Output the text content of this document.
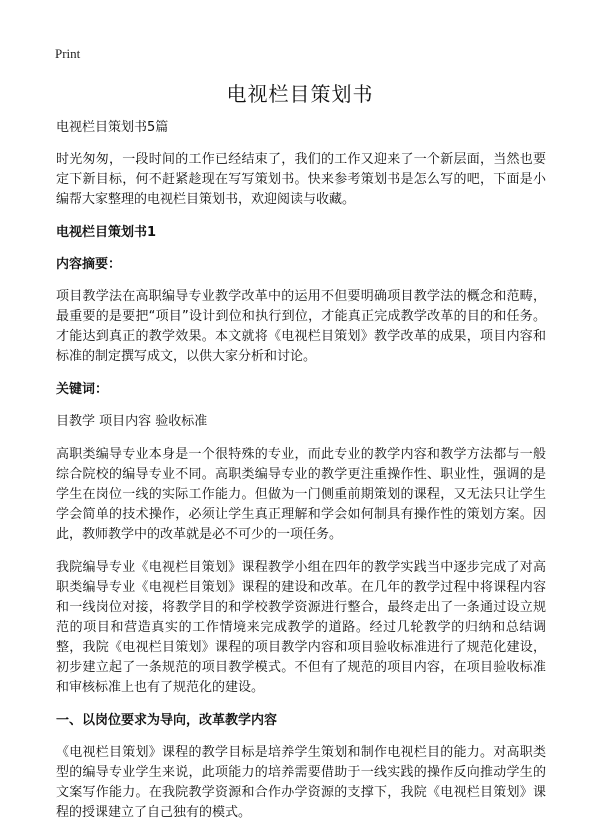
Print
电视栏目策划书

电视栏目策划书5篇

时光匆匆，一段时间的工作已经结束了，我们的工作又迎来了一个新层面，当然也要定下新目标，何不赶紧趁现在写写策划书。快来参考策划书是怎么写的吧，下面是小编帮大家整理的电视栏目策划书，欢迎阅读与收藏。

电视栏目策划书1
内容摘要：

项目教学法在高职编导专业教学改革中的运用不但要明确项目教学法的概念和范畴，最重要的是要把“项目”设计到位和执行到位，才能真正完成教学改革的目的和任务。才能达到真正的教学效果。本文就将《电视栏目策划》教学改革的成果，项目内容和标准的制定撰写成文，以供大家分析和讨论。

关键词：

目教学 项目内容 验收标准

高职类编导专业本身是一个很特殊的专业，而此专业的教学内容和教学方法都与一般综合院校的编导专业不同。高职类编导专业的教学更注重操作性、职业性，强调的是学生在岗位一线的实际工作能力。但做为一门侧重前期策划的课程，又无法只让学生学会简单的技术操作，必须让学生真正理解和学会如何制具有操作性的策划方案。因此，教师教学中的改革就是必不可少的一项任务。

我院编导专业《电视栏目策划》课程教学小组在四年的教学实践当中逐步完成了对高职类编导专业《电视栏目策划》课程的建设和改革。在几年的教学过程中将课程内容和一线岗位对接，将教学目的和学校教学资源进行整合，最终走出了一条通过设立规范的项目和营造真实的工作情境来完成教学的道路。经过几轮教学的归纳和总结调整，我院《电视栏目策划》课程的项目教学内容和项目验收标准进行了规范化建设，初步建立起了一条规范的项目教学模式。不但有了规范的项目内容，在项目验收标准和审核标准上也有了规范化的建设。

一、以岗位要求为导向，改革教学内容

《电视栏目策划》课程的教学目标是培养学生策划和制作电视栏目的能力。对高职类型的编导专业学生来说，此项能力的培养需要借助于一线实践的操作反向推动学生的文案写作能力。在我院教学资源和合作办学资源的支撑下，我院《电视栏目策划》课程的授课建立了自己独有的模式。
